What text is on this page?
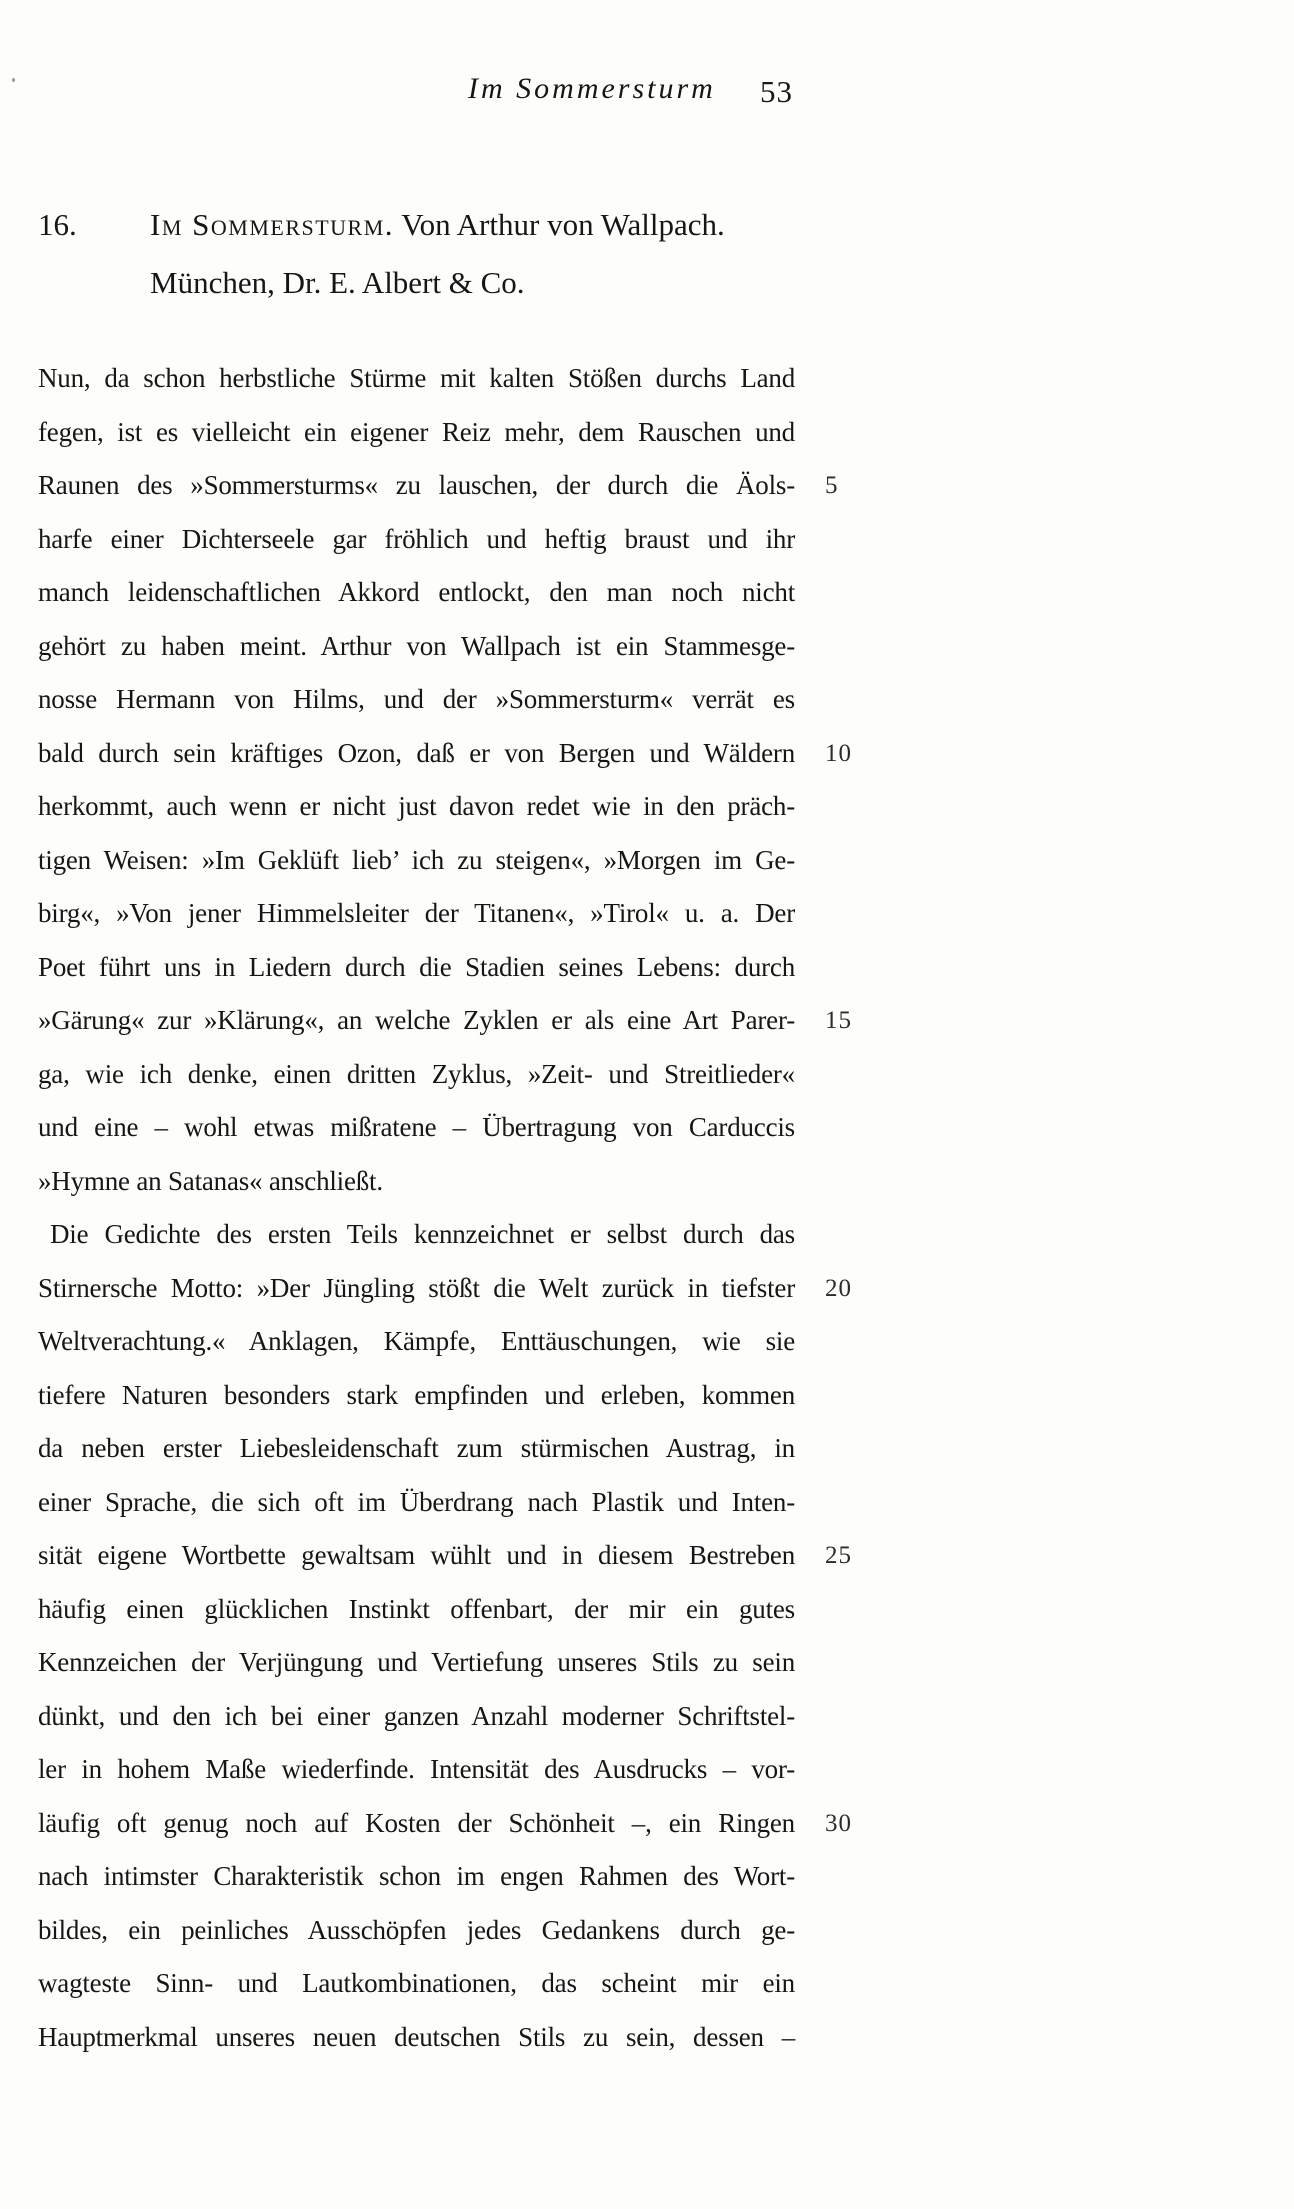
Im Sommersturm 53
16. Im Sommersturm. Von Arthur von Wallpach.
München, Dr. E. Albert & Co.
Nun, da schon herbstliche Stürme mit kalten Stößen durchs Land
fegen, ist es vielleicht ein eigener Reiz mehr, dem Rauschen und
Raunen des »Sommersturms« zu lauschen, der durch die Äols- 5
harfe einer Dichterseele gar fröhlich und heftig braust und ihr
manch leidenschaftlichen Akkord entlockt, den man noch nicht
gehört zu haben meint. Arthur von Wallpach ist ein Stammesge-
nosse Hermann von Hilms, und der »Sommersturm« verrät es
bald durch sein kräftiges Ozon, daß er von Bergen und Wäldern 10
herkommt, auch wenn er nicht just davon redet wie in den präch-
tigen Weisen: »Im Geklüft lieb’ ich zu steigen«, »Morgen im Ge-
birg«, »Von jener Himmelsleiter der Titanen«, »Tirol« u. a. Der
Poet führt uns in Liedern durch die Stadien seines Lebens: durch
»Gärung« zur »Klärung«, an welche Zyklen er als eine Art Parer- 15
ga, wie ich denke, einen dritten Zyklus, »Zeit- und Streitlieder«
und eine – wohl etwas mißratene – Übertragung von Carduccis
»Hymne an Satanas« anschließt.
Die Gedichte des ersten Teils kennzeichnet er selbst durch das
Stirnersche Motto: »Der Jüngling stößt die Welt zurück in tiefster 20
Weltverachtung.« Anklagen, Kämpfe, Enttäuschungen, wie sie
tiefere Naturen besonders stark empfinden und erleben, kommen
da neben erster Liebesleidenschaft zum stürmischen Austrag, in
einer Sprache, die sich oft im Überdrang nach Plastik und Inten-
sität eigene Wortbette gewaltsam wühlt und in diesem Bestreben 25
häufig einen glücklichen Instinkt offenbart, der mir ein gutes
Kennzeichen der Verjüngung und Vertiefung unseres Stils zu sein
dünkt, und den ich bei einer ganzen Anzahl moderner Schriftstel-
ler in hohem Maße wiederfinde. Intensität des Ausdrucks – vor-
läufig oft genug noch auf Kosten der Schönheit –, ein Ringen 30
nach intimster Charakteristik schon im engen Rahmen des Wort-
bildes, ein peinliches Ausschöpfen jedes Gedankens durch ge-
wagteste Sinn- und Lautkombinationen, das scheint mir ein
Hauptmerkmal unseres neuen deutschen Stils zu sein, dessen –
